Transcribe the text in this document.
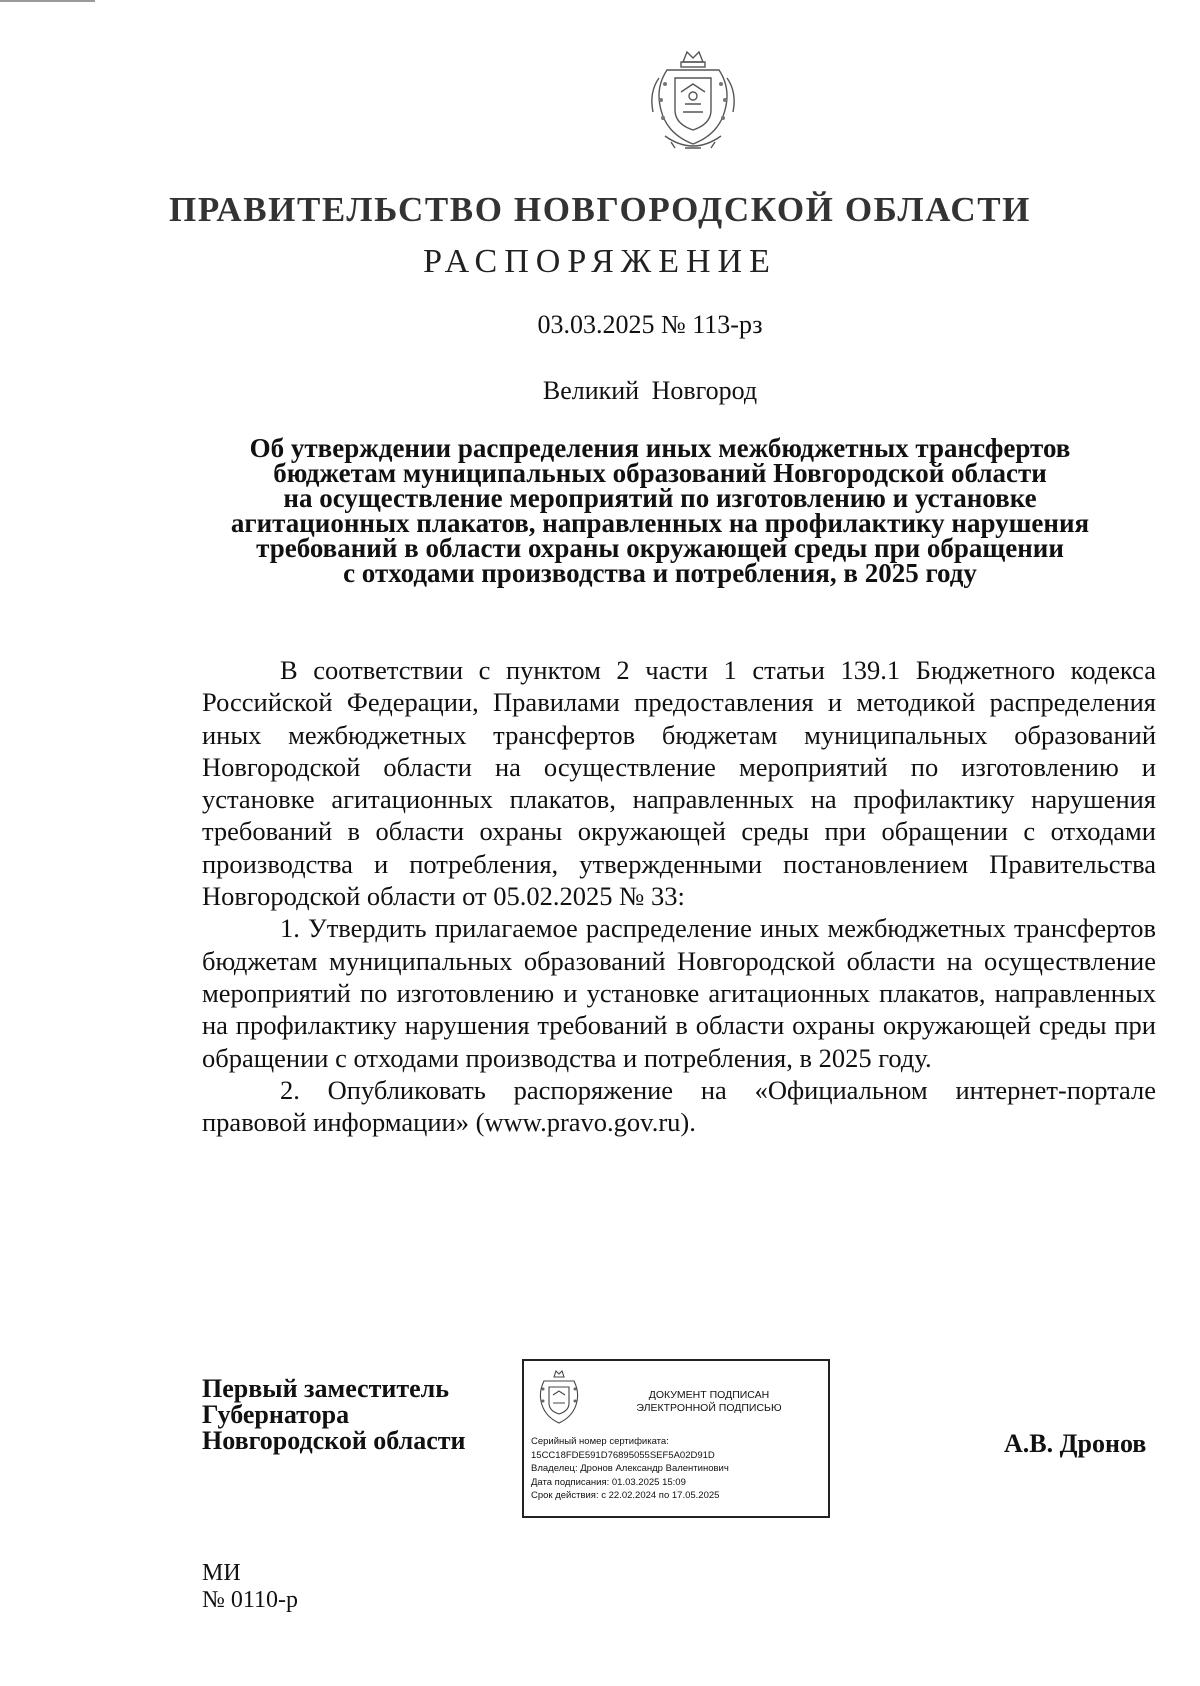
ПРАВИТЕЛЬСТВО НОВГОРОДСКОЙ ОБЛАСТИ
РАСПОРЯЖЕНИЕ
03.03.2025 № 113-рз
Великий Новгород
Об утверждении распределения иных межбюджетных трансфертов
бюджетам муниципальных образований Новгородской области
на осуществление мероприятий по изготовлению и установке
агитационных плакатов, направленных на профилактику нарушения
требований в области охраны окружающей среды при обращении
с отходами производства и потребления, в 2025 году

В соответствии с пунктом 2 части 1 статьи 139.1 Бюджетного кодекса Российской Федерации, Правилами предоставления и методикой распределения иных межбюджетных трансфертов бюджетам муниципальных образований Новгородской области на осуществление мероприятий по изготовлению и установке агитационных плакатов, направленных на профилактику нарушения требований в области охраны окружающей среды при обращении с отходами производства и потребления, утвержденными постановлением Правительства Новгородской области от 05.02.2025 № 33:

1. Утвердить прилагаемое распределение иных межбюджетных трансфертов бюджетам муниципальных образований Новгородской области на осуществление мероприятий по изготовлению и установке агитационных плакатов, направленных на профилактику нарушения требований в области охраны окружающей среды при обращении с отходами производства и потребления, в 2025 году.

2. Опубликовать распоряжение на «Официальном интернет-портале правовой информации» (www.pravo.gov.ru).

Первый заместитель
Губернатора
Новгородской области
ДОКУМЕНТ ПОДПИСАН
ЭЛЕКТРОННОЙ ПОДПИСЬЮ
Серийный номер сертификата:
15CC18FDE591D76895055SEF5A02D91D
Владелец: Дронов Александр Валентинович
Дата подписания: 01.03.2025 15:09
Срок действия: с 22.02.2024 по 17.05.2025
А.В. Дронов
МИ
№ 0110-р
